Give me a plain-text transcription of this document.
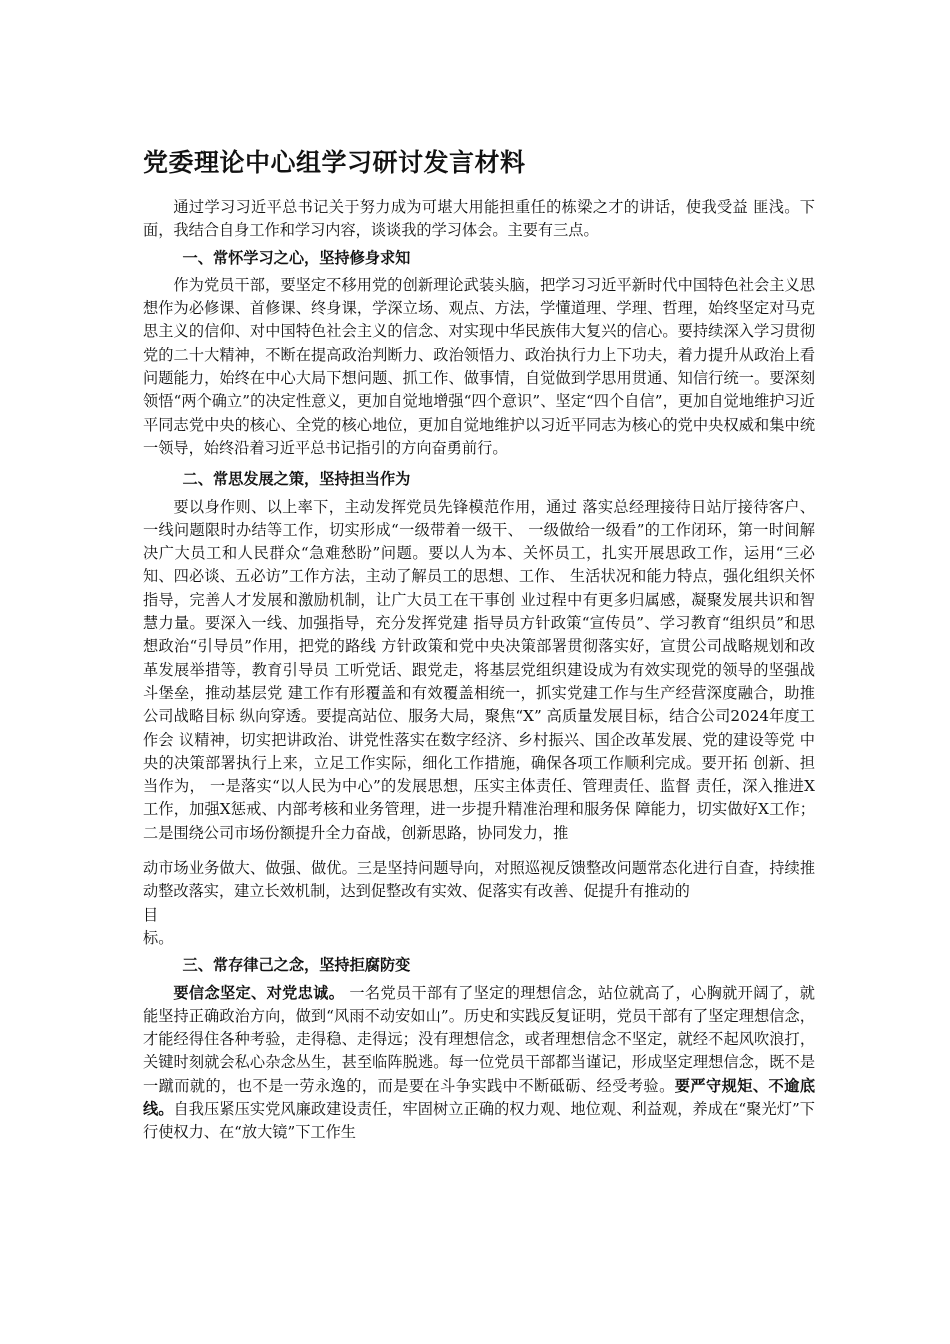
党委理论中心组学习研讨发言材料

通过学习习近平总书记关于努力成为可堪大用能担重任的栋梁之才的讲话，使我受益 匪浅。下面，我结合自身工作和学习内容，谈谈我的学习体会。主要有三点。

一、常怀学习之心，坚持修身求知

作为党员干部，要坚定不移用党的创新理论武装头脑，把学习习近平新时代中国特色社会主义思想作为必修课、首修课、终身课，学深立场、观点、方法，学懂道理、学理、哲理，始终坚定对马克思主义的信仰、对中国特色社会主义的信念、对实现中华民族伟大复兴的信心。要持续深入学习贯彻党的二十大精神，不断在提高政治判断力、政治领悟力、政治执行力上下功夫，着力提升从政治上看问题能力，始终在中心大局下想问题、抓工作、做事情，自觉做到学思用贯通、知信行统一。要深刻领悟“两个确立”的决定性意义，更加自觉地增强“四个意识”、坚定“四个自信”，更加自觉地维护习近平同志党中央的核心、全党的核心地位，更加自觉地维护以习近平同志为核心的党中央权威和集中统一领导，始终沿着习近平总书记指引的方向奋勇前行。

二、常思发展之策，坚持担当作为

要以身作则、以上率下，主动发挥党员先锋模范作用，通过 落实总经理接待日站厅接待客户、 一线问题限时办结等工作，切实形成“一级带着一级干、 一级做给一级看”的工作闭环，第一时间解决广大员工和人民群众“急难愁盼”问题。要以人为本、关怀员工，扎实开展思政工作，运用“三必知、四必谈、五必访”工作方法，主动了解员工的思想、工作、 生活状况和能力特点，强化组织关怀指导，完善人才发展和激励机制，让广大员工在干事创 业过程中有更多归属感，凝聚发展共识和智慧力量。要深入一线、加强指导，充分发挥党建 指导员方针政策“宣传员”、学习教育“组织员”和思想政治“引导员”作用，把党的路线 方针政策和党中央决策部署贯彻落实好，宣贯公司战略规划和改革发展举措等，教育引导员 工听党话、跟党走，将基层党组织建设成为有效实现党的领导的坚强战斗堡垒，推动基层党 建工作有形覆盖和有效覆盖相统一，抓实党建工作与生产经营深度融合，助推公司战略目标 纵向穿透。要提高站位、服务大局，聚焦“X” 高质量发展目标，结合公司2024年度工作会 议精神，切实把讲政治、讲党性落实在数字经济、乡村振兴、国企改革发展、党的建设等党 中央的决策部署执行上来，立足工作实际，细化工作措施，确保各项工作顺利完成。要开拓 创新、担当作为， 一是落实“以人民为中心”的发展思想，压实主体责任、管理责任、监督 责任，深入推进X工作，加强X惩戒、内部考核和业务管理，进一步提升精准治理和服务保 障能力，切实做好X工作；二是围绕公司市场份额提升全力奋战，创新思路，协同发力，推

动市场业务做大、做强、做优。三是坚持问题导向，对照巡视反馈整改问题常态化进行自查，持续推动整改落实，建立长效机制，达到促整改有实效、促落实有改善、促提升有推动的

目

标。

三、常存律己之念，坚持拒腐防变

要信念坚定、对党忠诚。 一名党员干部有了坚定的理想信念，站位就高了，心胸就开阔了，就能坚持正确政治方向，做到“风雨不动安如山”。历史和实践反复证明，党员干部有了坚定理想信念，才能经得住各种考验，走得稳、走得远；没有理想信念，或者理想信念不坚定，就经不起风吹浪打，关键时刻就会私心杂念丛生，甚至临阵脱逃。每一位党员干部都当谨记，形成坚定理想信念，既不是一蹴而就的，也不是一劳永逸的，而是要在斗争实践中不断砥砺、经受考验。要严守规矩、不逾底线。自我压紧压实党风廉政建设责任，牢固树立正确的权力观、地位观、利益观，养成在“聚光灯”下行使权力、在“放大镜”下工作生
